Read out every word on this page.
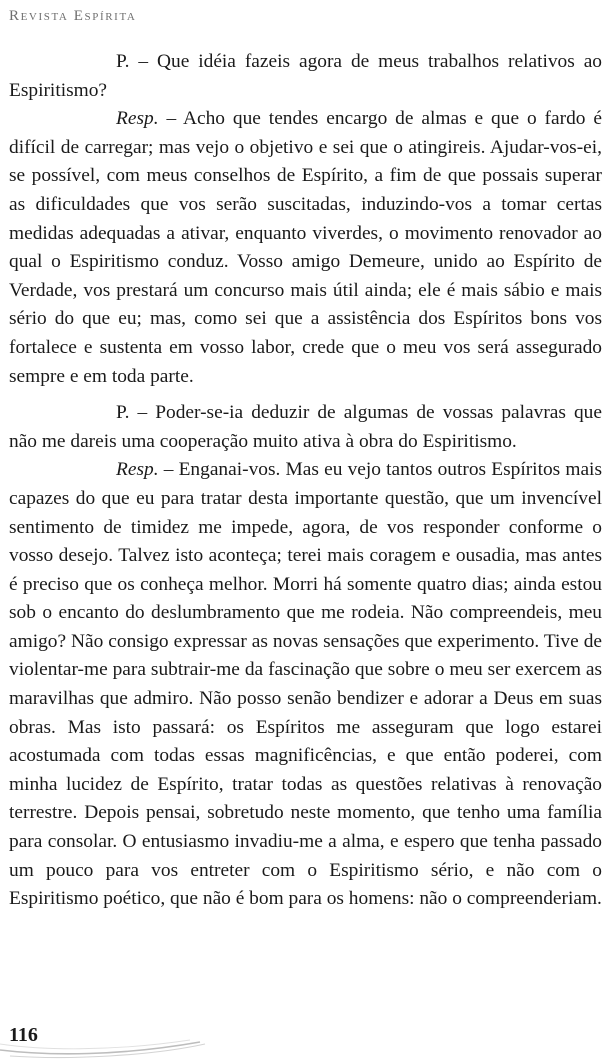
Revista Espírita

P. – Que idéia fazeis agora de meus trabalhos relativos ao Espiritismo?

Resp. – Acho que tendes encargo de almas e que o fardo é difícil de carregar; mas vejo o objetivo e sei que o atingireis. Ajudar-vos-ei, se possível, com meus conselhos de Espírito, a fim de que possais superar as dificuldades que vos serão suscitadas, induzindo-vos a tomar certas medidas adequadas a ativar, enquanto viverdes, o movimento renovador ao qual o Espiritismo conduz. Vosso amigo Demeure, unido ao Espírito de Verdade, vos prestará um concurso mais útil ainda; ele é mais sábio e mais sério do que eu; mas, como sei que a assistência dos Espíritos bons vos fortalece e sustenta em vosso labor, crede que o meu vos será assegurado sempre e em toda parte.

P. – Poder-se-ia deduzir de algumas de vossas palavras que não me dareis uma cooperação muito ativa à obra do Espiritismo.

Resp. – Enganai-vos. Mas eu vejo tantos outros Espíritos mais capazes do que eu para tratar desta importante questão, que um invencível sentimento de timidez me impede, agora, de vos responder conforme o vosso desejo. Talvez isto aconteça; terei mais coragem e ousadia, mas antes é preciso que os conheça melhor. Morri há somente quatro dias; ainda estou sob o encanto do deslumbramento que me rodeia. Não compreendeis, meu amigo? Não consigo expressar as novas sensações que experimento. Tive de violentar-me para subtrair-me da fascinação que sobre o meu ser exercem as maravilhas que admiro. Não posso senão bendizer e adorar a Deus em suas obras. Mas isto passará: os Espíritos me asseguram que logo estarei acostumada com todas essas magnificências, e que então poderei, com minha lucidez de Espírito, tratar todas as questões relativas à renovação terrestre. Depois pensai, sobretudo neste momento, que tenho uma família para consolar. O entusiasmo invadiu-me a alma, e espero que tenha passado um pouco para vos entreter com o Espiritismo sério, e não com o Espiritismo poético, que não é bom para os homens: não o compreenderiam.

116
